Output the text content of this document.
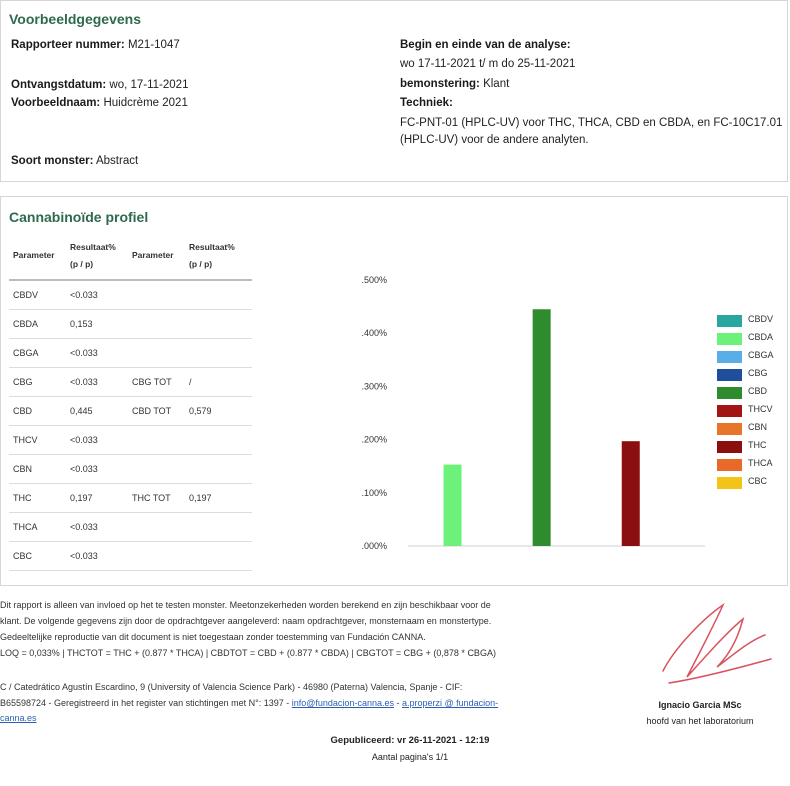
Voorbeeldgegevens
Rapporteer nummer: M21-1047
Ontvangstdatum: wo, 17-11-2021
Voorbeeldnaam: Huidcrème 2021
Soort monster: Abstract
Begin en einde van de analyse:
wo 17-11-2021 t/ m do 25-11-2021
bemonstering: Klant
Techniek:
FC-PNT-01 (HPLC-UV) voor THC, THCA, CBD en CBDA, en FC-10C17.01 (HPLC-UV) voor de andere analyten.
Cannabinoïde profiel
Parameter
Resultaat%
(p / p)
Parameter
Resultaat%
(p / p)
CBDV	<0.033
CBDA	0,153
CBGA	<0.033
CBG	<0.033	CBG TOT /
CBD	0,445	CBD TOT 0,579
THCV	<0.033
CBN	<0.033
THC	0,197	THC TOT 0,197
THCA	<0.033
CBC	<0.033
.000%
.100%
.200%
.300%
.400%
.500%
CBDV
CBDA
CBGA
CBG
CBD
THCV
CBN
THC
THCA
CBC
Dit rapport is alleen van invloed op het te testen monster. Meetonzekerheden worden berekend en zijn beschikbaar voor de
klant. De volgende gegevens zijn door de opdrachtgever aangeleverd: naam opdrachtgever, monsternaam en monstertype.
Gedeeltelijke reproductie van dit document is niet toegestaan zonder toestemming van Fundación CANNA.
LOQ = 0,033% | THCTOT = THC + (0.877 * THCA) | CBDTOT = CBD + (0.877 * CBDA) | CBGTOT = CBG + (0,878 * CBGA)
C / Catedrático Agustín Escardino, 9 (University of Valencia Science Park) - 46980 (Paterna) Valencia, Spanje - CIF:
B65598724 - Geregistreerd in het register van stichtingen met N°: 1397 - info@fundacion-canna.es - a.properzi @ fundacion-
canna.es
Gepubliceerd: vr 26-11-2021 - 12:19
Aantal pagina's 1/1
Ignacio Garcia MSc
hoofd van het laboratorium
